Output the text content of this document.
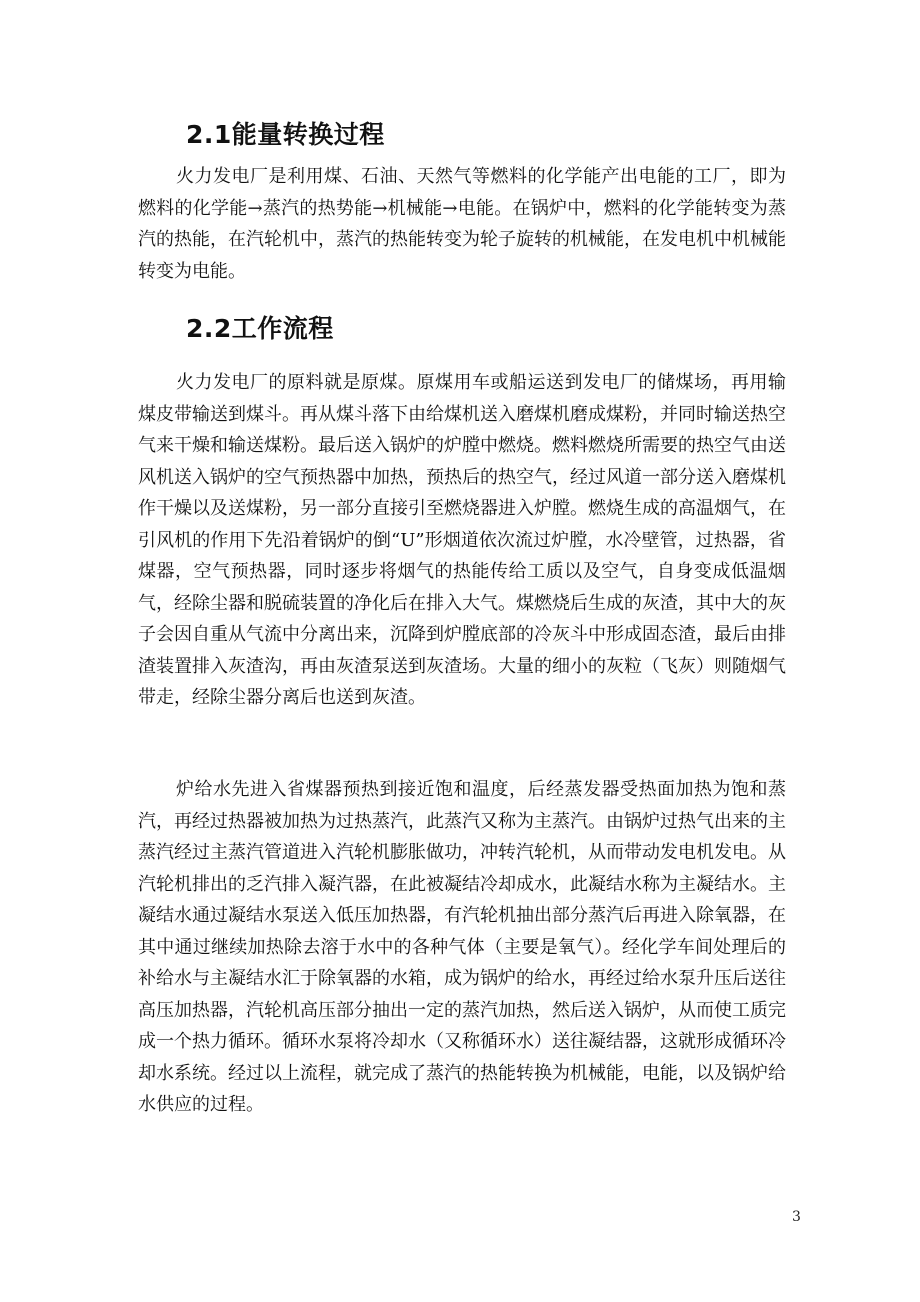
2.1能量转换过程

火力发电厂是利用煤、石油、天然气等燃料的化学能产出电能的工厂，即为燃料的化学能→蒸汽的热势能→机械能→电能。在锅炉中，燃料的化学能转变为蒸汽的热能，在汽轮机中，蒸汽的热能转变为轮子旋转的机械能，在发电机中机械能转变为电能。

2.2工作流程

火力发电厂的原料就是原煤。原煤用车或船运送到发电厂的储煤场，再用输煤皮带输送到煤斗。再从煤斗落下由给煤机送入磨煤机磨成煤粉，并同时输送热空气来干燥和输送煤粉。最后送入锅炉的炉膛中燃烧。燃料燃烧所需要的热空气由送风机送入锅炉的空气预热器中加热，预热后的热空气，经过风道一部分送入磨煤机作干燥以及送煤粉，另一部分直接引至燃烧器进入炉膛。燃烧生成的高温烟气，在引风机的作用下先沿着锅炉的倒“U”形烟道依次流过炉膛，水冷壁管，过热器，省煤器，空气预热器，同时逐步将烟气的热能传给工质以及空气，自身变成低温烟气，经除尘器和脱硫装置的净化后在排入大气。煤燃烧后生成的灰渣，其中大的灰子会因自重从气流中分离出来，沉降到炉膛底部的冷灰斗中形成固态渣，最后由排渣装置排入灰渣沟，再由灰渣泵送到灰渣场。大量的细小的灰粒（飞灰）则随烟气带走，经除尘器分离后也送到灰渣。

炉给水先进入省煤器预热到接近饱和温度，后经蒸发器受热面加热为饱和蒸汽，再经过热器被加热为过热蒸汽，此蒸汽又称为主蒸汽。由锅炉过热气出来的主蒸汽经过主蒸汽管道进入汽轮机膨胀做功，冲转汽轮机，从而带动发电机发电。从汽轮机排出的乏汽排入凝汽器，在此被凝结冷却成水，此凝结水称为主凝结水。主凝结水通过凝结水泵送入低压加热器，有汽轮机抽出部分蒸汽后再进入除氧器，在其中通过继续加热除去溶于水中的各种气体（主要是氧气）。经化学车间处理后的补给水与主凝结水汇于除氧器的水箱，成为锅炉的给水，再经过给水泵升压后送往高压加热器，汽轮机高压部分抽出一定的蒸汽加热，然后送入锅炉，从而使工质完成一个热力循环。循环水泵将冷却水（又称循环水）送往凝结器，这就形成循环冷却水系统。经过以上流程，就完成了蒸汽的热能转换为机械能，电能，以及锅炉给水供应的过程。

3
